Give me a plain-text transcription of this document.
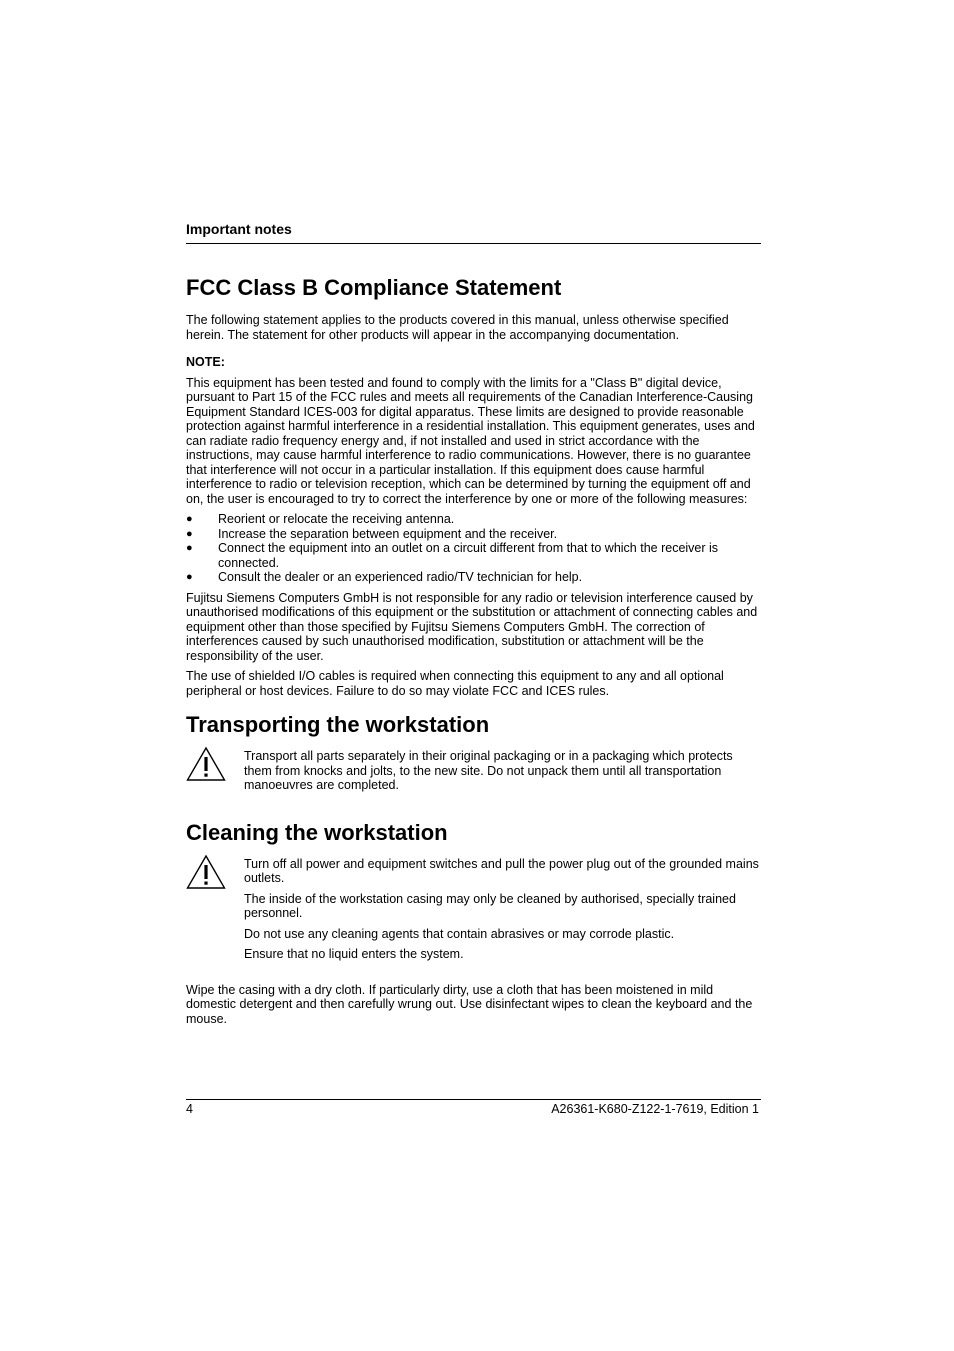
Important notes

FCC Class B Compliance Statement

The following statement applies to the products covered in this manual, unless otherwise specified herein. The statement for other products will appear in the accompanying documentation.

NOTE:

This equipment has been tested and found to comply with the limits for a "Class B" digital device, pursuant to Part 15 of the FCC rules and meets all requirements of the Canadian Interference-Causing Equipment Standard ICES-003 for digital apparatus. These limits are designed to provide reasonable protection against harmful interference in a residential installation. This equipment generates, uses and can radiate radio frequency energy and, if not installed and used in strict accordance with the instructions, may cause harmful interference to radio communications. However, there is no guarantee that interference will not occur in a particular installation. If this equipment does cause harmful interference to radio or television reception, which can be determined by turning the equipment off and on, the user is encouraged to try to correct the interference by one or more of the following measures:

● Reorient or relocate the receiving antenna.
● Increase the separation between equipment and the receiver.
● Connect the equipment into an outlet on a circuit different from that to which the receiver is connected.
● Consult the dealer or an experienced radio/TV technician for help.

Fujitsu Siemens Computers GmbH is not responsible for any radio or television interference caused by unauthorised modifications of this equipment or the substitution or attachment of connecting cables and equipment other than those specified by Fujitsu Siemens Computers GmbH. The correction of interferences caused by such unauthorised modification, substitution or attachment will be the responsibility of the user.

The use of shielded I/O cables is required when connecting this equipment to any and all optional peripheral or host devices. Failure to do so may violate FCC and ICES rules.

Transporting the workstation

Transport all parts separately in their original packaging or in a packaging which protects them from knocks and jolts, to the new site. Do not unpack them until all transportation manoeuvres are completed.

Cleaning the workstation

Turn off all power and equipment switches and pull the power plug out of the grounded mains outlets.

The inside of the workstation casing may only be cleaned by authorised, specially trained personnel.

Do not use any cleaning agents that contain abrasives or may corrode plastic.

Ensure that no liquid enters the system.

Wipe the casing with a dry cloth. If particularly dirty, use a cloth that has been moistened in mild domestic detergent and then carefully wrung out. Use disinfectant wipes to clean the keyboard and the mouse.

4	A26361-K680-Z122-1-7619, Edition 1
